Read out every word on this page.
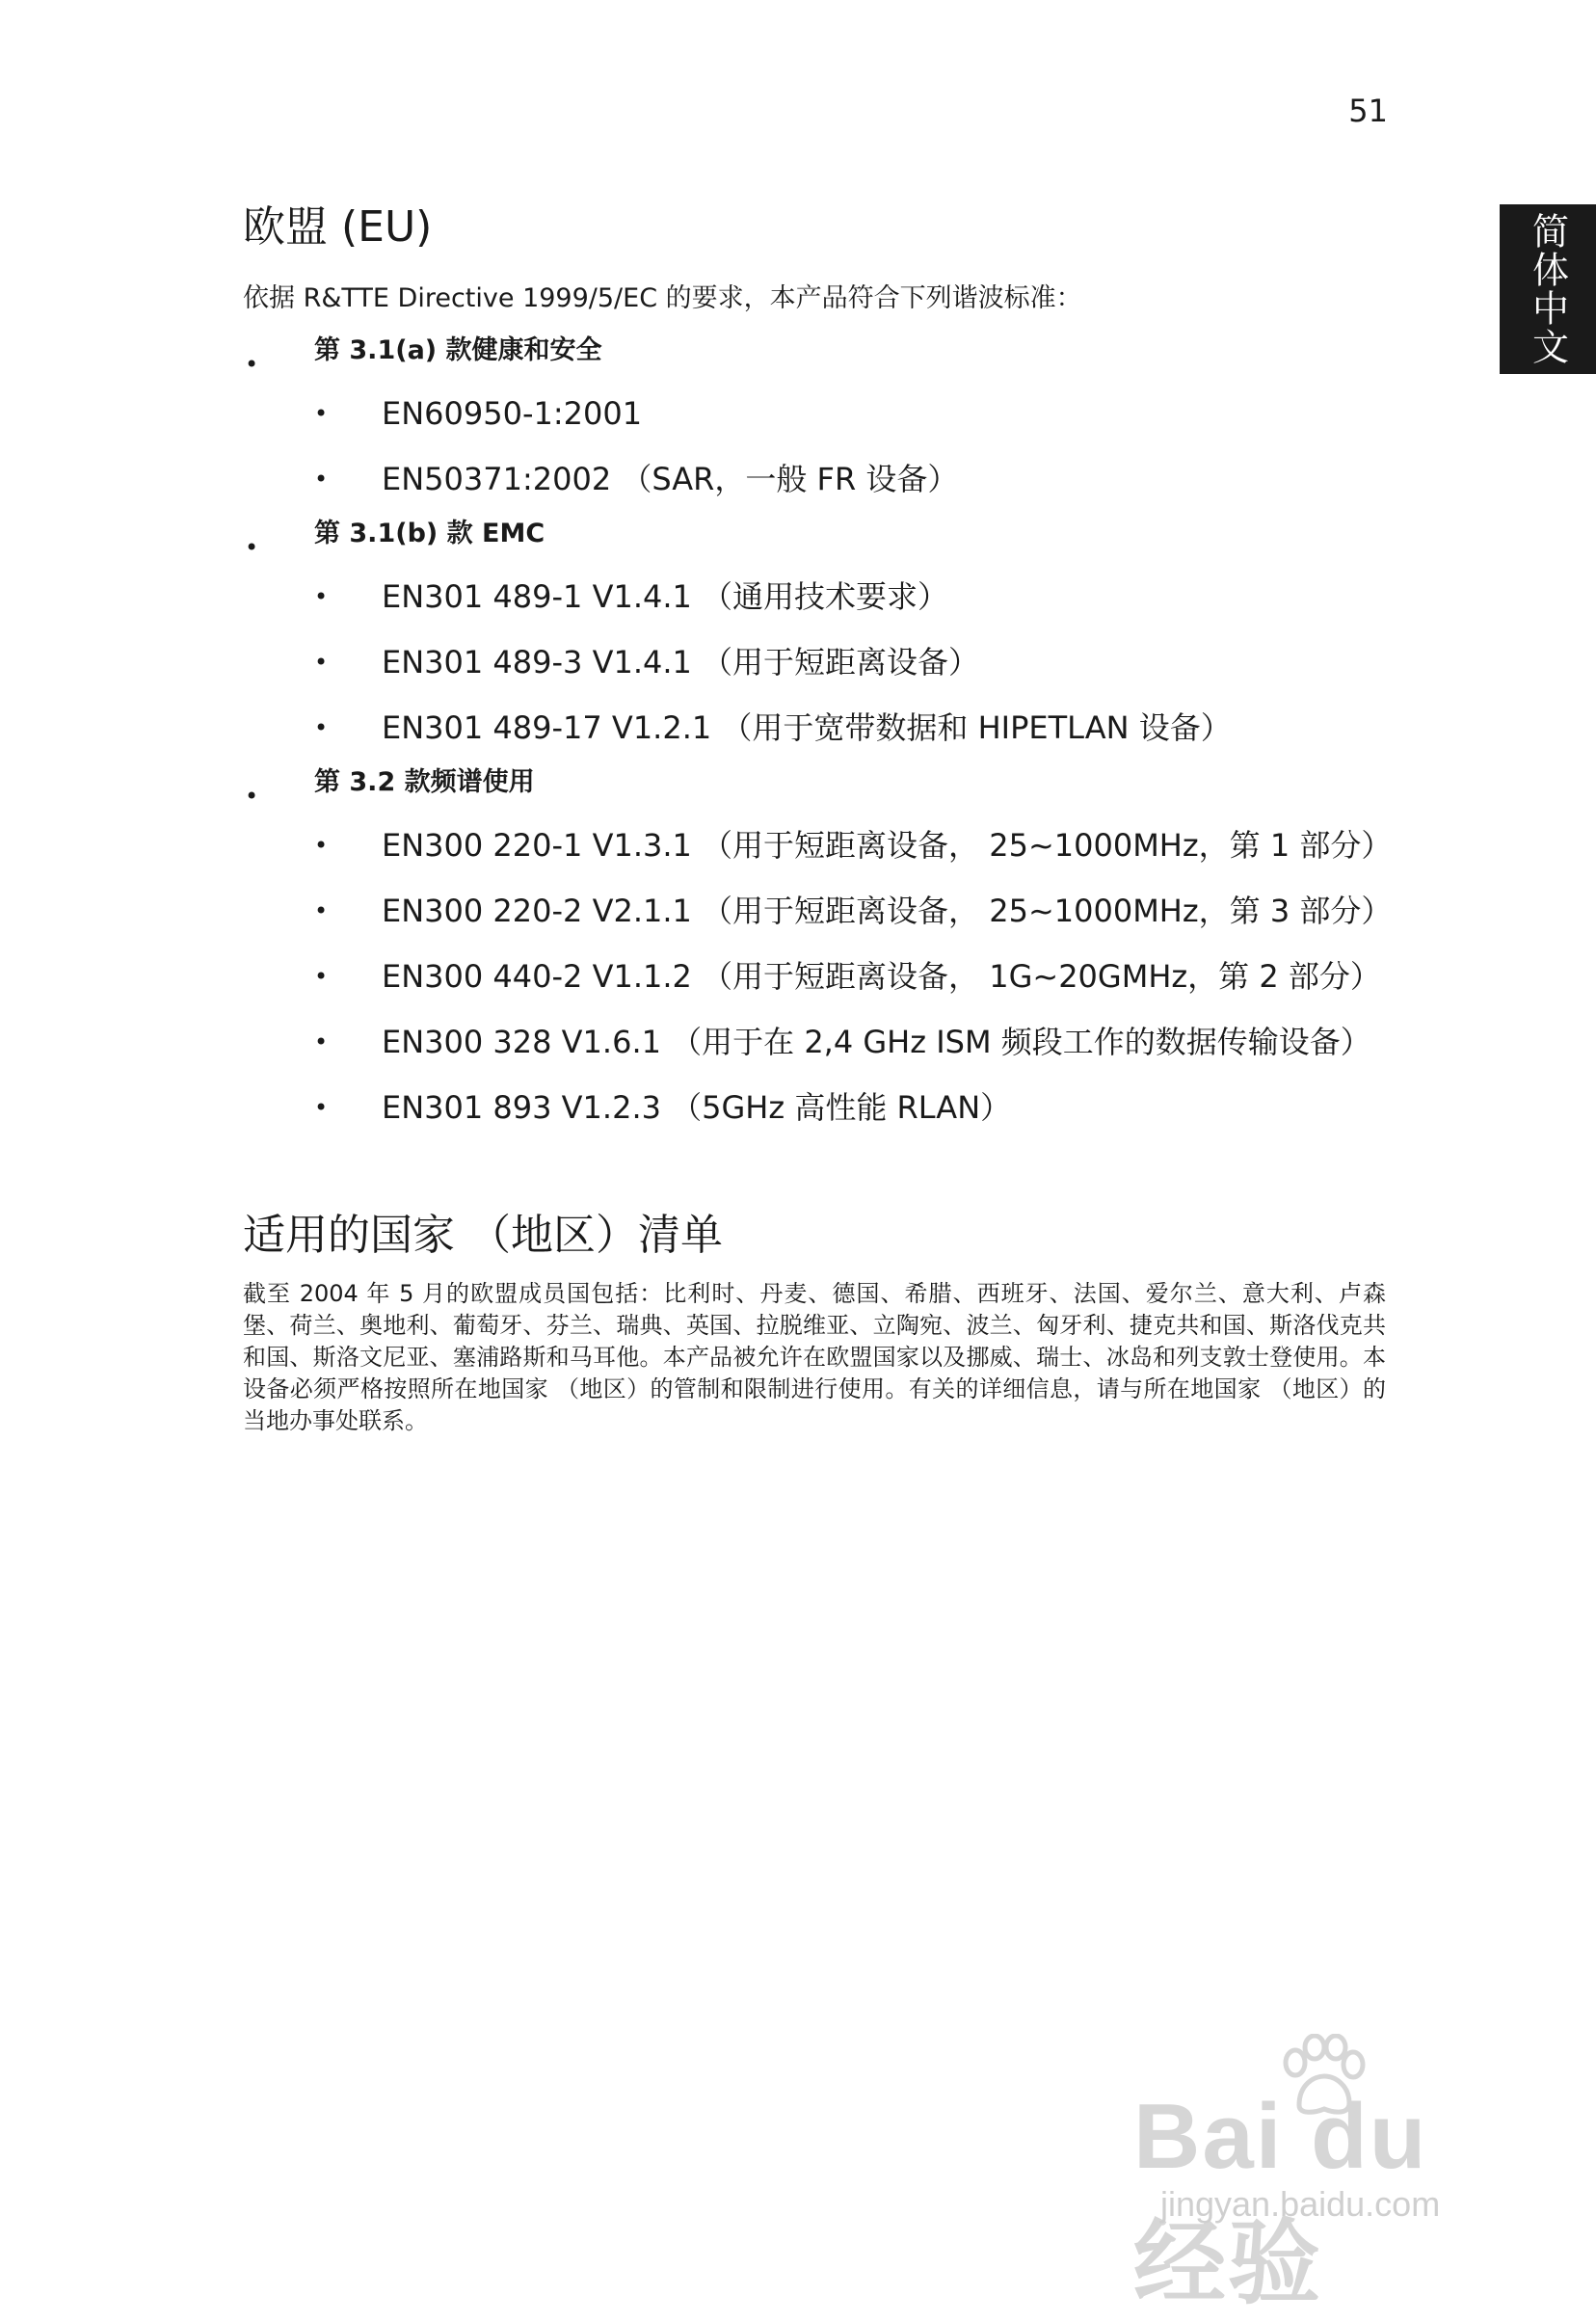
51
简体中文
欧盟 (EU)
依据 R&TTE Directive 1999/5/EC 的要求，本产品符合下列谐波标准：
•	第 3.1(a) 款健康和安全
• EN60950-1:2001
• EN50371:2002 （SAR，一般 FR 设备）
•	第 3.1(b) 款 EMC
• EN301 489-1 V1.4.1 （通用技术要求）
• EN301 489-3 V1.4.1 （用于短距离设备）
• EN301 489-17 V1.2.1 （用于宽带数据和 HIPETLAN 设备）
•	第 3.2 款频谱使用
• EN300 220-1 V1.3.1 （用于短距离设备， 25~1000MHz，第 1 部分）
• EN300 220-2 V2.1.1 （用于短距离设备， 25~1000MHz，第 3 部分）
• EN300 440-2 V1.1.2 （用于短距离设备， 1G~20GMHz，第 2 部分）
• EN300 328 V1.6.1 （用于在 2,4 GHz ISM 频段工作的数据传输设备）
• EN301 893 V1.2.3 （5GHz 高性能 RLAN）
适用的国家 （地区）清单
截至 2004 年 5 月的欧盟成员国包括：比利时、丹麦、德国、希腊、西班牙、法国、爱尔兰、意大利、卢森堡、荷兰、奥地利、葡萄牙、芬兰、瑞典、英国、拉脱维亚、立陶宛、波兰、匈牙利、捷克共和国、斯洛伐克共和国、斯洛文尼亚、塞浦路斯和马耳他。本产品被允许在欧盟国家以及挪威、瑞士、冰岛和列支敦士登使用。本设备必须严格按照所在地国家 （地区）的管制和限制进行使用。有关的详细信息，请与所在地国家 （地区）的当地办事处联系。
Bai du 经验
jingyan.baidu.com
